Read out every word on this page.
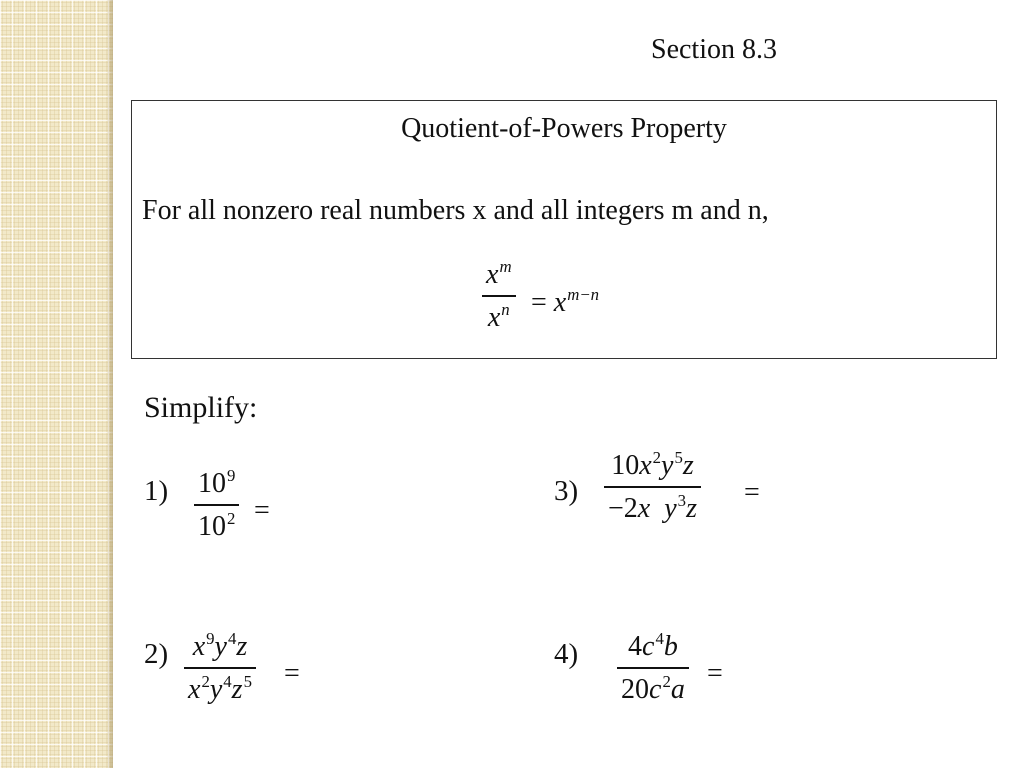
Section 8.3
Quotient-of-Powers Property
For all nonzero real numbers x and all integers m and n,
$x^m$
$x^n = x^{m-n}$
Simplify:
1) $10^9$
$10^2$ =
2) $x^9y^4z$
$x^2y^4z^5$ =
3)
$10x^2y^5z$
−2x $y^3z$ =
4) $4c^4b$
$20c^2a$ =
